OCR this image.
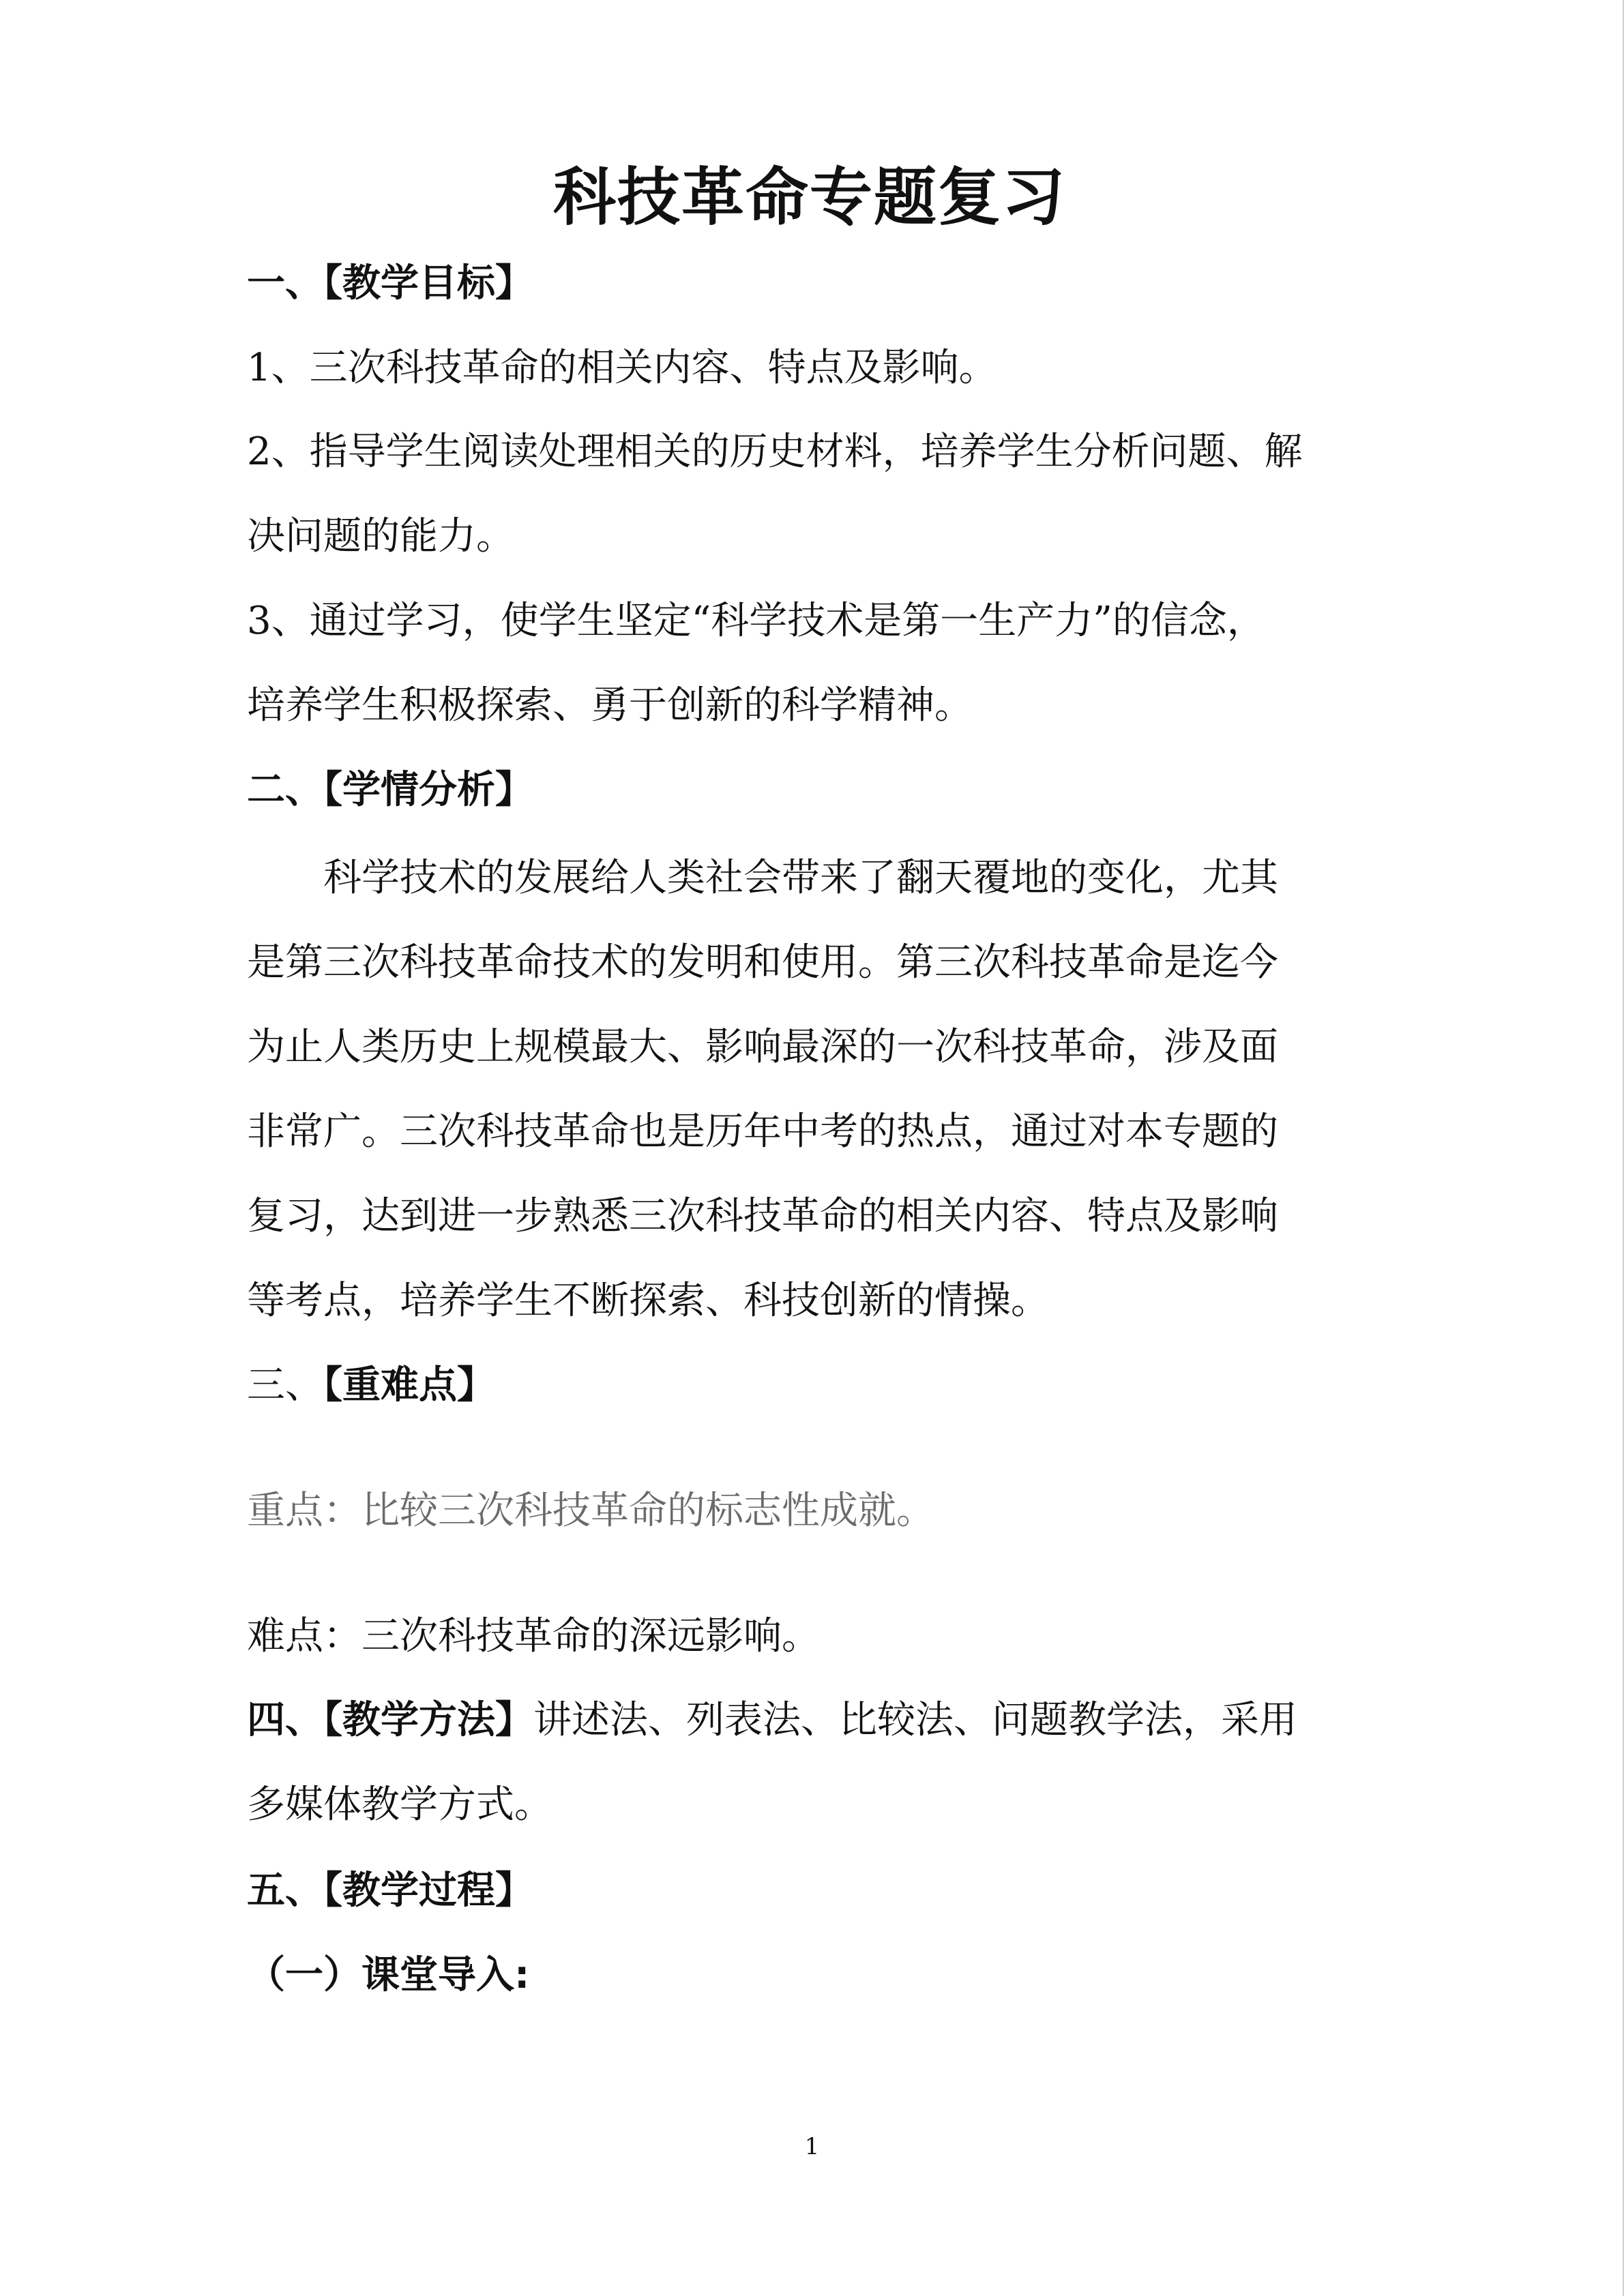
科技革命专题复习
一、【教学目标】
1、三次科技革命的相关内容、特点及影响。
2、指导学生阅读处理相关的历史材料，培养学生分析问题、解
决问题的能力。
3、通过学习，使学生坚定“科学技术是第一生产力”的信念，
培养学生积极探索、勇于创新的科学精神。
二、【学情分析】
科学技术的发展给人类社会带来了翻天覆地的变化，尤其
是第三次科技革命技术的发明和使用。第三次科技革命是迄今
为止人类历史上规模最大、影响最深的一次科技革命，涉及面
非常广。三次科技革命也是历年中考的热点，通过对本专题的
复习，达到进一步熟悉三次科技革命的相关内容、特点及影响
等考点，培养学生不断探索、科技创新的情操。
三、【重难点】
重点：比较三次科技革命的标志性成就。
难点：三次科技革命的深远影响。
四、【教学方法】讲述法、列表法、比较法、问题教学法，采用
多媒体教学方式。
五、【教学过程】
（一）课堂导入:
1
